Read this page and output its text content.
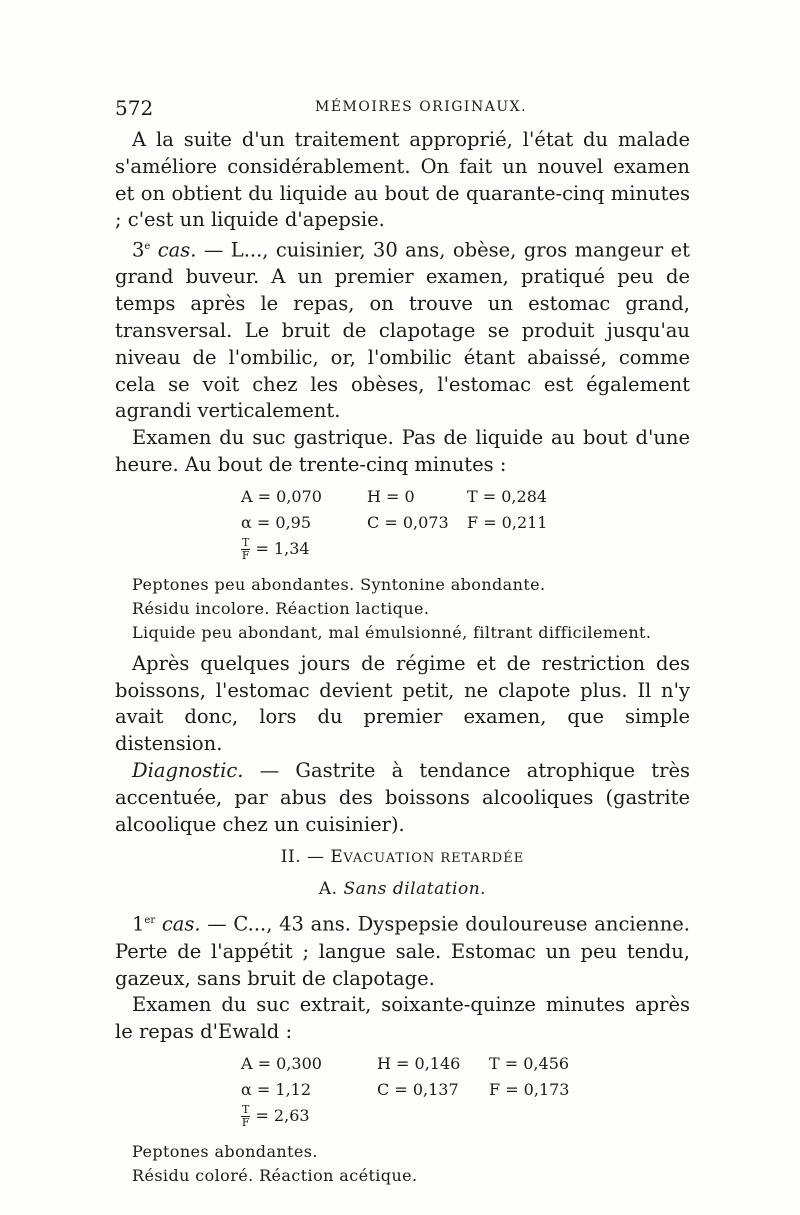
572	MÉMOIRES ORIGINAUX.

A la suite d'un traitement approprié, l'état du malade s'améliore considérablement. On fait un nouvel examen et on obtient du liquide au bout de quarante-cinq minutes ; c'est un liquide d'apepsie.

3e cas. — L..., cuisinier, 30 ans, obèse, gros mangeur et grand buveur. A un premier examen, pratiqué peu de temps après le repas, on trouve un estomac grand, transversal. Le bruit de clapotage se produit jusqu'au niveau de l'ombilic, or, l'ombilic étant abaissé, comme cela se voit chez les obèses, l'estomac est également agrandi verticalement.

Examen du suc gastrique. Pas de liquide au bout d'une heure. Au bout de trente-cinq minutes :

A = 0,070	H = 0	T = 0,284
α = 0,95	C = 0,073 F = 0,211
$\frac{T}{F} = 1,34$

Peptones peu abondantes. Syntonine abondante.

Résidu incolore. Réaction lactique.

Liquide peu abondant, mal émulsionné, filtrant difficilement.

Après quelques jours de régime et de restriction des boissons, l'estomac devient petit, ne clapote plus. Il n'y avait donc, lors du premier examen, que simple distension.

Diagnostic. — Gastrite à tendance atrophique très accentuée, par abus des boissons alcooliques (gastrite alcoolique chez un cuisinier).

II. — EVACUATION RETARDÉE
A. Sans dilatation.

1er cas. — C..., 43 ans. Dyspepsie douloureuse ancienne. Perte de l'appétit ; langue sale. Estomac un peu tendu, gazeux, sans bruit de clapotage.

Examen du suc extrait, soixante-quinze minutes après le repas d'Ewald :

A = 0,300	H = 0,146 T = 0,456
α = 1,12	C = 0,137 F = 0,173
$\frac{T}{F} = 2,63$

Peptones abondantes.

Résidu coloré. Réaction acétique.
